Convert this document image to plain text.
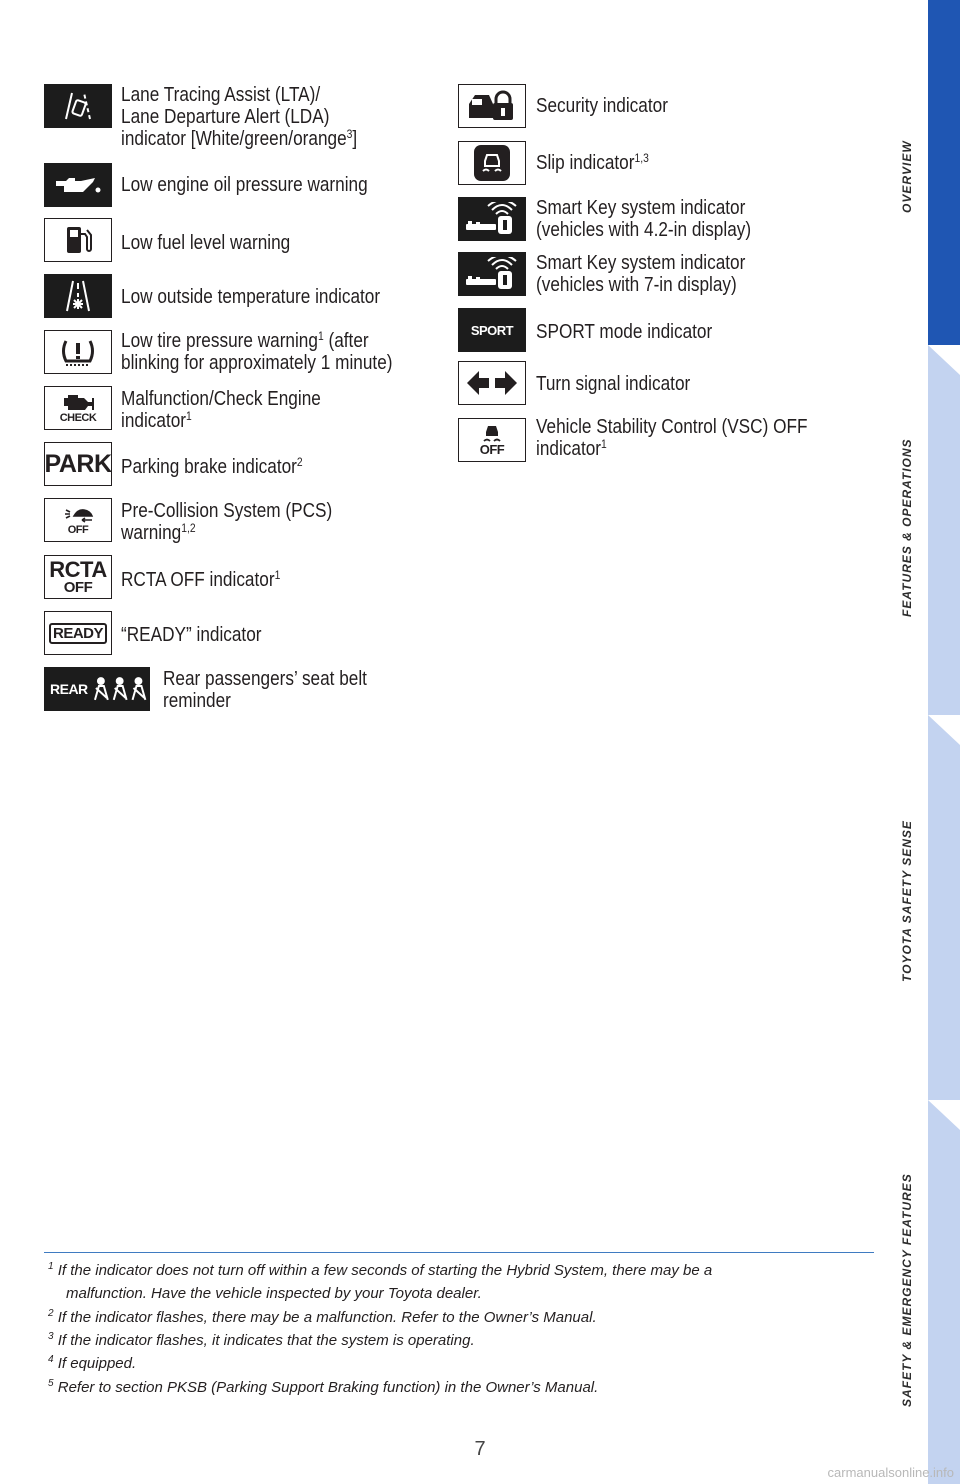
Lane Tracing Assist (LTA)/
Lane Departure Alert (LDA)
indicator [White/green/orange$^3$]
Low engine oil pressure warning
Low fuel level warning
Low outside temperature indicator
Low tire pressure warning$^1$ (after
blinking for approximately 1 minute)
CHECK
Malfunction/Check Engine
indicator$^1$
PARK Parking brake indicator$^2$
OFF
Pre-Collision System (PCS)
warning$^{1,2}$
RCTA
OFF RCTA OFF indicator$^1$
READY “READY” indicator
REAR	Rear passengers’ seat belt
reminder
Security indicator
Slip indicator$^{1,3}$
Smart Key system indicator
(vehicles with 4.2-in display)
Smart Key system indicator
(vehicles with 7-in display)
SPORT SPORT mode indicator
Turn signal indicator
OFF
Vehicle Stability Control (VSC) OFF
indicator$^1$
OVERVIEW
FEATURES & OPERATIONS
TOYOTA SAFETY SENSE
SAFETY & EMERGENCY FEATURES
$^1$ If the indicator does not turn off within a few seconds of starting the Hybrid System, there may be a
malfunction. Have the vehicle inspected by your Toyota dealer.
$^2$ If the indicator flashes, there may be a malfunction. Refer to the Owner’s Manual.
$^3$ If the indicator flashes, it indicates that the system is operating.
$^4$ If equipped.
$^5$ Refer to section PKSB (Parking Support Braking function) in the Owner’s Manual.
7
carmanualsonline.info
